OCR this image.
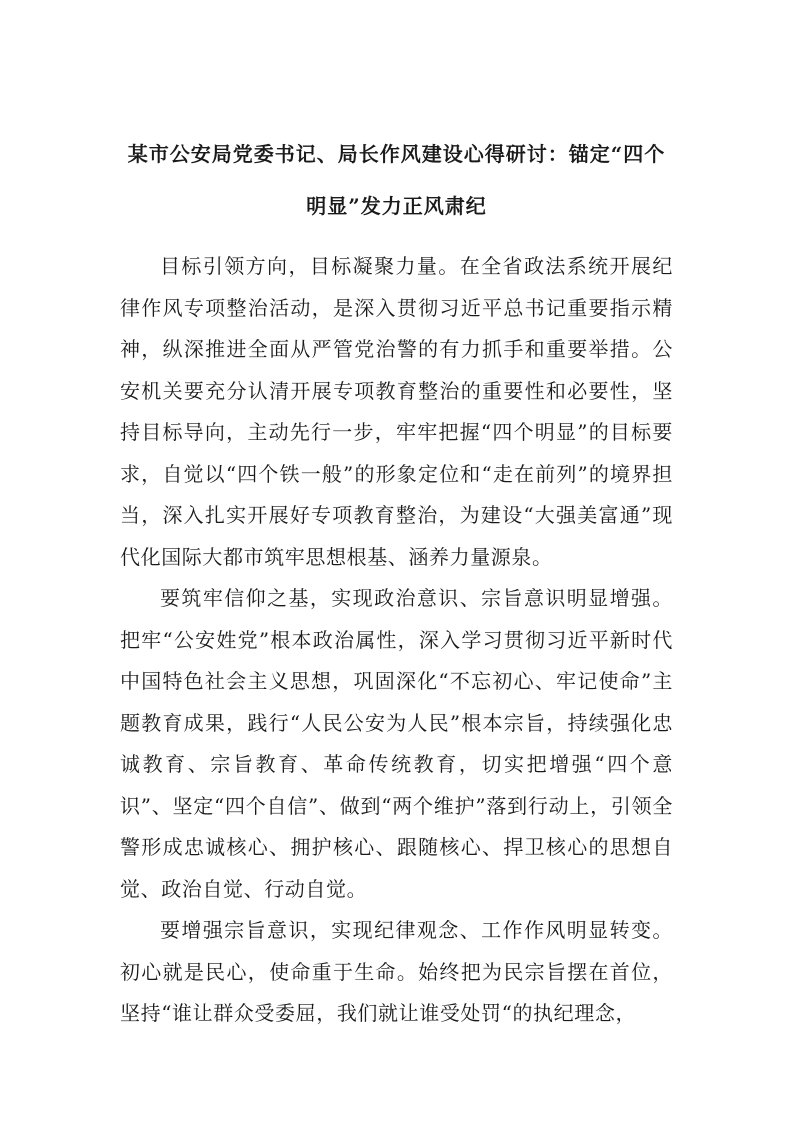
某市公安局党委书记、局长作风建设心得研讨：锚定“四个明显”发力正风肃纪

目标引领方向，目标凝聚力量。在全省政法系统开展纪律作风专项整治活动，是深入贯彻习近平总书记重要指示精神，纵深推进全面从严管党治警的有力抓手和重要举措。公安机关要充分认清开展专项教育整治的重要性和必要性，坚持目标导向，主动先行一步，牢牢把握“四个明显”的目标要求，自觉以“四个铁一般”的形象定位和“走在前列”的境界担当，深入扎实开展好专项教育整治，为建设“大强美富通”现代化国际大都市筑牢思想根基、涵养力量源泉。

要筑牢信仰之基，实现政治意识、宗旨意识明显增强。把牢“公安姓党”根本政治属性，深入学习贯彻习近平新时代中国特色社会主义思想，巩固深化“不忘初心、牢记使命”主题教育成果，践行“人民公安为人民”根本宗旨，持续强化忠诚教育、宗旨教育、革命传统教育，切实把增强“四个意识”、坚定“四个自信”、做到“两个维护”落到行动上，引领全警形成忠诚核心、拥护核心、跟随核心、捍卫核心的思想自觉、政治自觉、行动自觉。

要增强宗旨意识，实现纪律观念、工作作风明显转变。初心就是民心，使命重于生命。始终把为民宗旨摆在首位，坚持“谁让群众受委屈，我们就让谁受处罚“的执纪理念，
